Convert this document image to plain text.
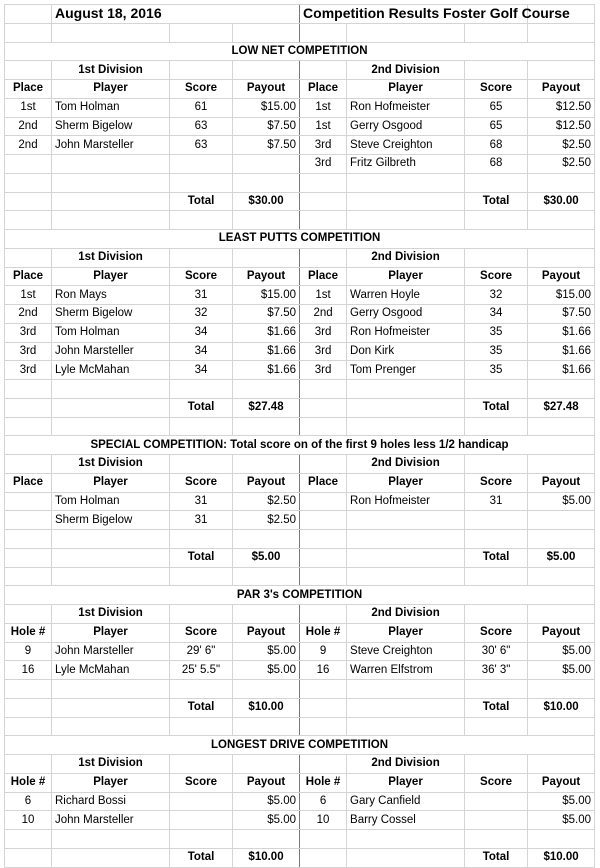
	August 18, 2016			Competition Results Foster Golf Course			

LOW NET COMPETITION							
	1st Division				2nd Division		
Place	Player	Score	Payout	Place	Player	Score	Payout
1st	Tom Holman	61	$15.00	1st	Ron Hofmeister	65	$12.50
2nd	Sherm Bigelow	63	$7.50	1st	Gerry Osgood	65	$12.50
2nd	John Marsteller	63	$7.50	3rd	Steve Creighton	68	$2.50
				3rd	Fritz Gilbreth	68	$2.50

		Total	$30.00			Total	$30.00

LEAST PUTTS COMPETITION							
	1st Division				2nd Division		
Place	Player	Score	Payout	Place	Player	Score	Payout
1st	Ron Mays	31	$15.00	1st	Warren Hoyle	32	$15.00
2nd	Sherm Bigelow	32	$7.50	2nd	Gerry Osgood	34	$7.50
3rd	Tom Holman	34	$1.66	3rd	Ron Hofmeister	35	$1.66
3rd	John Marsteller	34	$1.66	3rd	Don Kirk	35	$1.66
3rd	Lyle McMahan	34	$1.66	3rd	Tom Prenger	35	$1.66

		Total	$27.48			Total	$27.48

SPECIAL COMPETITION: Total score on of the first 9 holes less 1/2 handicap							
	1st Division				2nd Division		
Place	Player	Score	Payout	Place	Player	Score	Payout
	Tom Holman	31	$2.50		Ron Hofmeister	31	$5.00
	Sherm Bigelow	31	$2.50				

		Total	$5.00			Total	$5.00

PAR 3's COMPETITION							
	1st Division				2nd Division		
Hole #	Player	Score	Payout	Hole #	Player	Score	Payout
9	John Marsteller	29' 6"	$5.00	9	Steve Creighton	30' 6"	$5.00
16	Lyle McMahan	25' 5.5"	$5.00	16	Warren Elfstrom	36' 3"	$5.00

		Total	$10.00			Total	$10.00

LONGEST DRIVE COMPETITION							
	1st Division				2nd Division		
Hole #	Player	Score	Payout	Hole #	Player	Score	Payout
6	Richard Bossi		$5.00	6	Gary Canfield		$5.00
10	John Marsteller		$5.00	10	Barry Cossel		$5.00

		Total	$10.00			Total	$10.00
